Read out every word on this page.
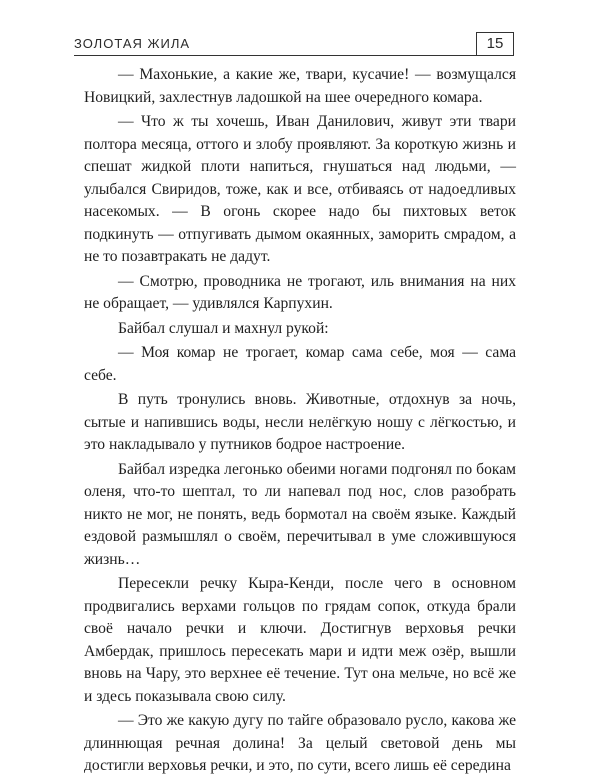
ЗОЛОТАЯ ЖИЛА	15

— Махонькие, а какие же, твари, кусачие! — возмущался Новицкий, захлестнув ладошкой на шее очередного комара.

— Что ж ты хочешь, Иван Данилович, живут эти твари полтора месяца, оттого и злобу проявляют. За короткую жизнь и спешат жидкой плоти напиться, гнушаться над людьми, — улыбался Свиридов, тоже, как и все, отбиваясь от надоедливых насекомых. — В огонь скорее надо бы пихтовых веток подкинуть — отпугивать дымом окаянных, заморить смрадом, а не то позавтракать не дадут.

— Смотрю, проводника не трогают, иль внимания на них не обращает, — удивлялся Карпухин.

Байбал слушал и махнул рукой:

— Моя комар не трогает, комар сама себе, моя — сама себе.

В путь тронулись вновь. Животные, отдохнув за ночь, сытые и напившись воды, несли нелёгкую ношу с лёгкостью, и это накладывало у путников бодрое настроение.

Байбал изредка легонько обеими ногами подгонял по бокам оленя, что-то шептал, то ли напевал под нос, слов разобрать никто не мог, не понять, ведь бормотал на своём языке. Каждый ездовой размышлял о своём, перечитывал в уме сложившуюся жизнь…

Пересекли речку Кыра-Кенди, после чего в основном продвигались верхами гольцов по грядам сопок, откуда брали своё начало речки и ключи. Достигнув верховья речки Амбердак, пришлось пересекать мари и идти меж озёр, вышли вновь на Чару, это верхнее её течение. Тут она мельче, но всё же и здесь показывала свою силу.

— Это же какую дугу по тайге образовало русло, какова же длиннющая речная долина! За целый световой день мы достигли верховья речки, и это, по сути, всего лишь её середина
